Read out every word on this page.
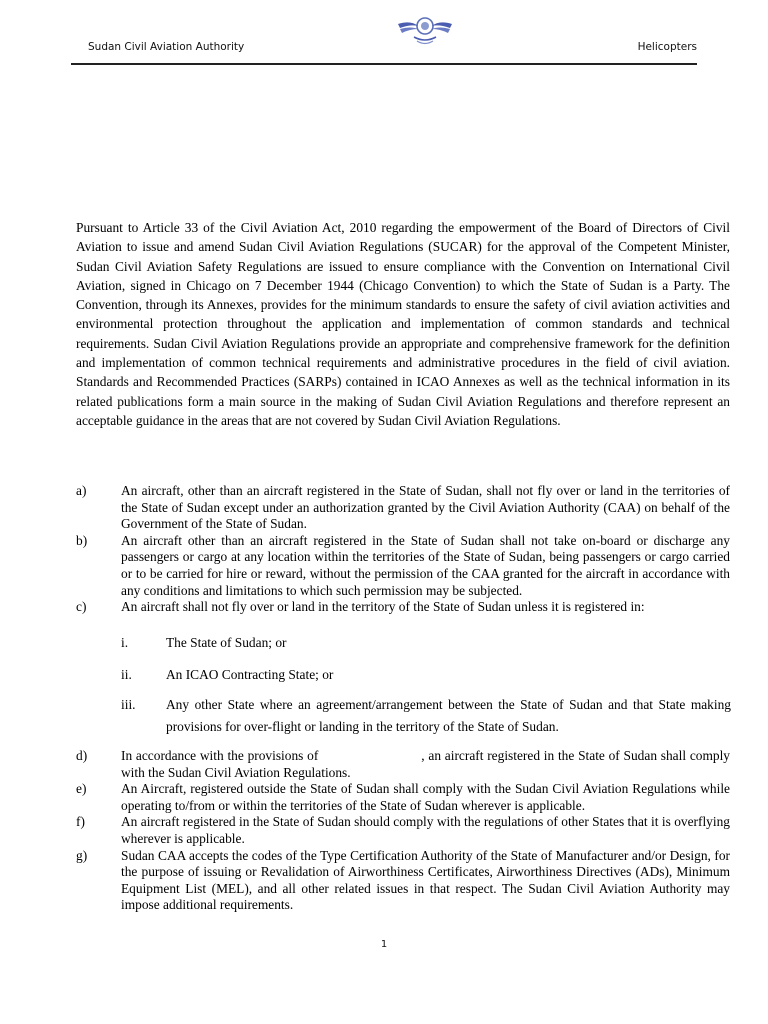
Sudan Civil Aviation Authority	Helicopters

Pursuant to Article 33 of the Civil Aviation Act, 2010 regarding the empowerment of the Board of Directors of Civil Aviation to issue and amend Sudan Civil Aviation Regulations (SUCAR) for the approval of the Competent Minister, Sudan Civil Aviation Safety Regulations are issued to ensure compliance with the Convention on International Civil Aviation, signed in Chicago on 7 December 1944 (Chicago Convention) to which the State of Sudan is a Party. The Convention, through its Annexes, provides for the minimum standards to ensure the safety of civil aviation activities and environmental protection throughout the application and implementation of common standards and technical requirements. Sudan Civil Aviation Regulations provide an appropriate and comprehensive framework for the definition and implementation of common technical requirements and administrative procedures in the field of civil aviation. Standards and Recommended Practices (SARPs) contained in ICAO Annexes as well as the technical information in its related publications form a main source in the making of Sudan Civil Aviation Regulations and therefore represent an acceptable guidance in the areas that are not covered by Sudan Civil Aviation Regulations.

a)	An aircraft, other than an aircraft registered in the State of Sudan, shall not fly over or land in the territories of the State of Sudan except under an authorization granted by the Civil Aviation Authority (CAA) on behalf of the Government of the State of Sudan.
b)	An aircraft other than an aircraft registered in the State of Sudan shall not take on-board or discharge any passengers or cargo at any location within the territories of the State of Sudan, being passengers or cargo carried or to be carried for hire or reward, without the permission of the CAA granted for the aircraft in accordance with any conditions and limitations to which such permission may be subjected.
c)	An aircraft shall not fly over or land in the territory of the State of Sudan unless it is registered in:
i.	The State of Sudan; or
ii.	An ICAO Contracting State; or
iii.	Any other State where an agreement/arrangement between the State of Sudan and that State making provisions for over-flight or landing in the territory of the State of Sudan.
d)	In accordance with the provisions of	, an aircraft registered in the State of Sudan shall comply with the Sudan Civil Aviation Regulations.
e)	An Aircraft, registered outside the State of Sudan shall comply with the Sudan Civil Aviation Regulations while operating to/from or within the territories of the State of Sudan wherever is applicable.
f)	An aircraft registered in the State of Sudan should comply with the regulations of other States that it is overflying wherever is applicable.
g)	Sudan CAA accepts the codes of the Type Certification Authority of the State of Manufacturer and/or Design, for the purpose of issuing or Revalidation of Airworthiness Certificates, Airworthiness Directives (ADs), Minimum Equipment List (MEL), and all other related issues in that respect. The Sudan Civil Aviation Authority may impose additional requirements.
1
